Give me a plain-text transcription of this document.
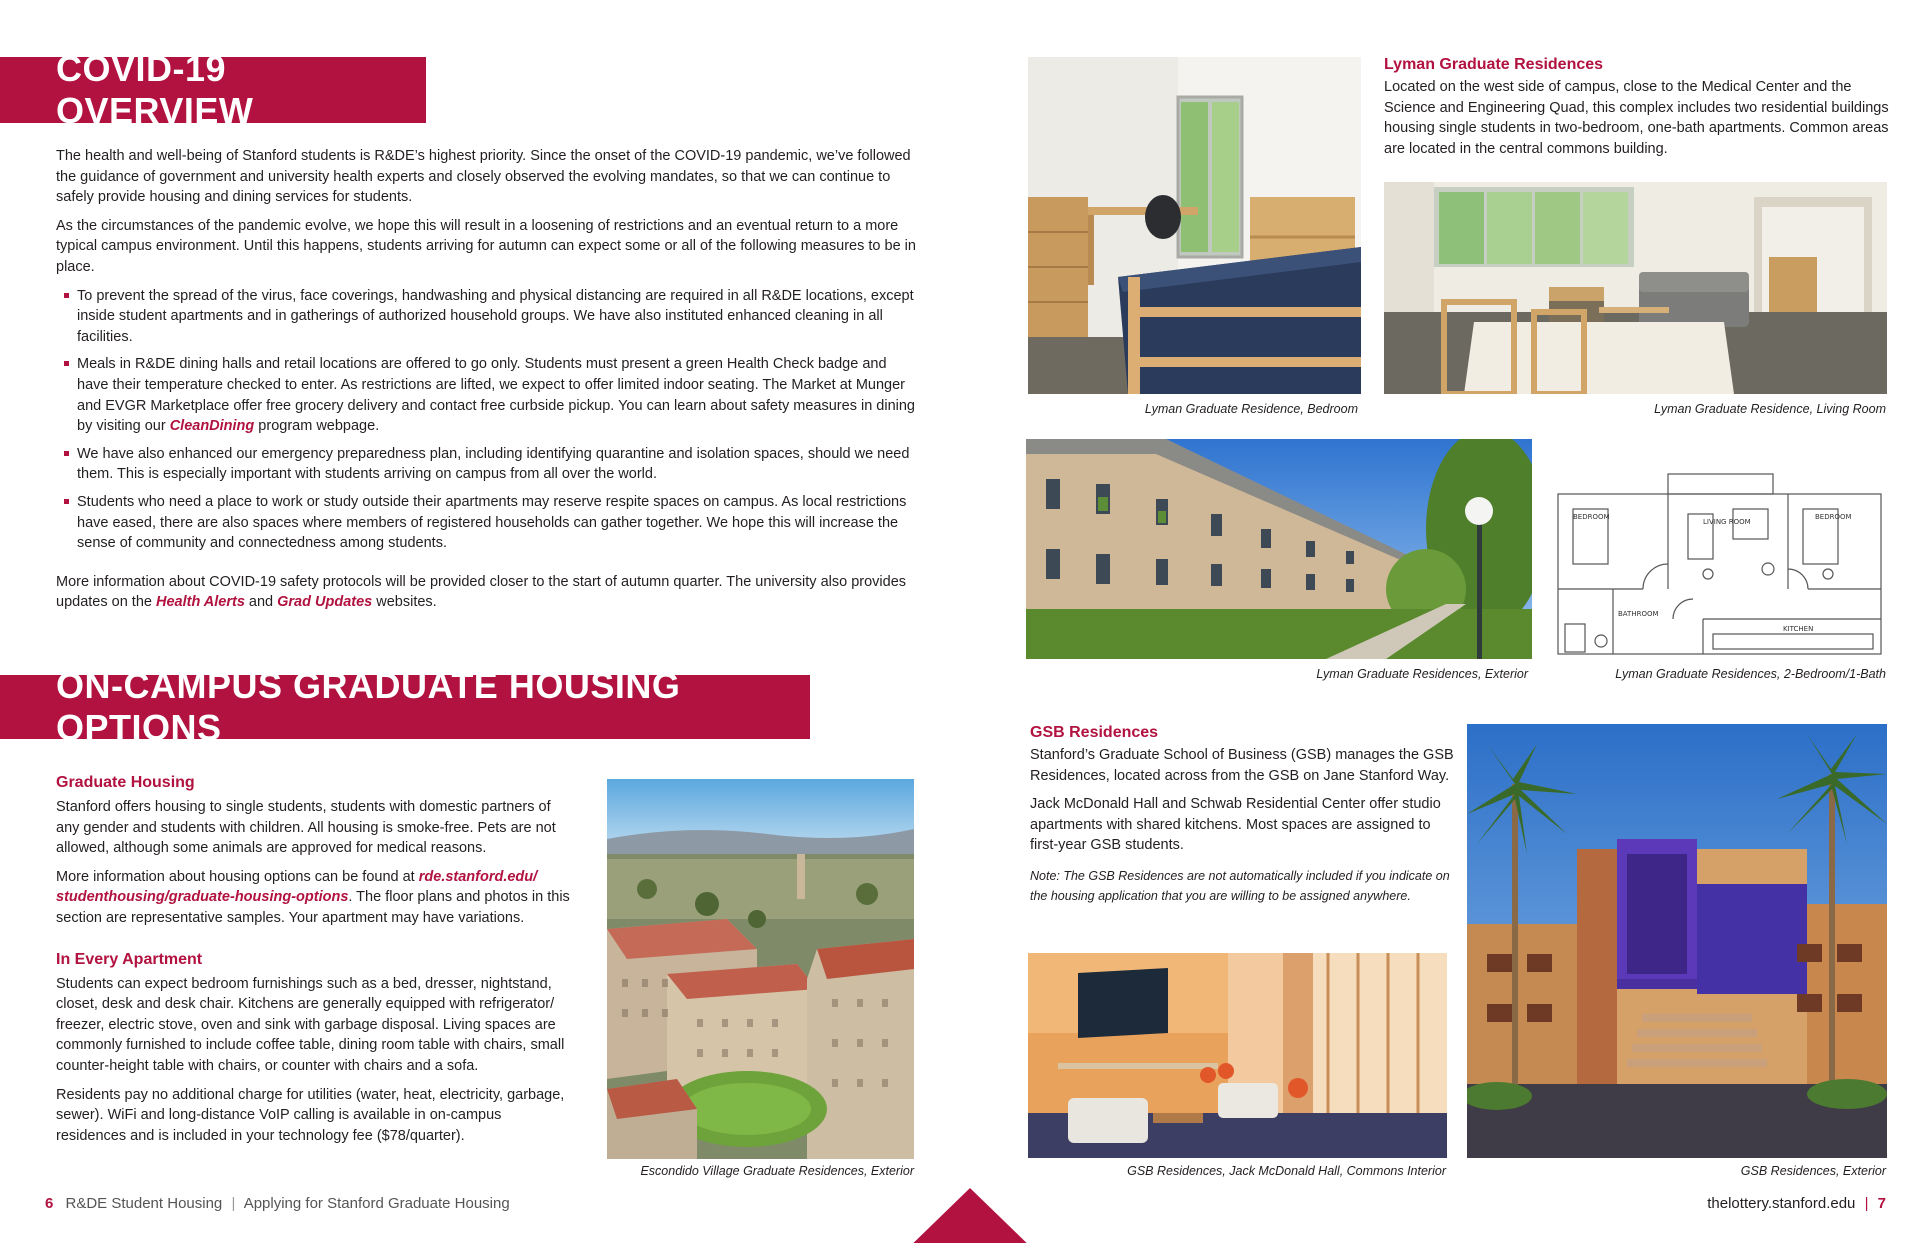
COVID-19 OVERVIEW

The health and well-being of Stanford students is R&DE’s highest priority. Since the onset of the COVID-19 pandemic, we’ve followed the guidance of government and university health experts and closely observed the evolving mandates, so that we can continue to safely provide housing and dining services for students.

As the circumstances of the pandemic evolve, we hope this will result in a loosening of restrictions and an eventual return to a more typical campus environment. Until this happens, students arriving for autumn can expect some or all of the following measures to be in place.

To prevent the spread of the virus, face coverings, handwashing and physical distancing are required in all R&DE locations, except inside student apartments and in gatherings of authorized household groups. We have also instituted enhanced cleaning in all facilities.
Meals in R&DE dining halls and retail locations are offered to go only. Students must present a green Health Check badge and have their temperature checked to enter. As restrictions are lifted, we expect to offer limited indoor seating. The Market at Munger and EVGR Marketplace offer free grocery delivery and contact free curbside pickup. You can learn about safety measures in dining by visiting our CleanDining program webpage.
We have also enhanced our emergency preparedness plan, including identifying quarantine and isolation spaces, should we need them. This is especially important with students arriving on campus from all over the world.
Students who need a place to work or study outside their apartments may reserve respite spaces on campus. As local restrictions have eased, there are also spaces where members of registered households can gather together. We hope this will increase the sense of community and connectedness among students.

More information about COVID-19 safety protocols will be provided closer to the start of autumn quarter. The university also provides updates on the Health Alerts and Grad Updates websites.

ON-CAMPUS GRADUATE HOUSING OPTIONS
Graduate Housing

Stanford offers housing to single students, students with domestic partners of any gender and students with children. All housing is smoke-free. Pets are not allowed, although some animals are approved for medical reasons.

More information about housing options can be found at rde.stanford.edu/ studenthousing/graduate-housing-options. The floor plans and photos in this section are representative samples. Your apartment may have variations.

In Every Apartment

Students can expect bedroom furnishings such as a bed, dresser, nightstand, closet, desk and desk chair. Kitchens are generally equipped with refrigerator/ freezer, electric stove, oven and sink with garbage disposal. Living spaces are commonly furnished to include coffee table, dining room table with chairs, small counter-height table with chairs, or counter with chairs and a sofa.

Residents pay no additional charge for utilities (water, heat, electricity, garbage, sewer). WiFi and long-distance VoIP calling is available in on-campus residences and is included in your technology fee ($78/quarter).

Escondido Village Graduate Residences, Exterior
6 R&DE Student Housing | Applying for Stanford Graduate Housing
Lyman Graduate Residence, Bedroom
Lyman Graduate Residences

Located on the west side of campus, close to the Medical Center and the Science and Engineering Quad, this complex includes two residential buildings housing single students in two-bedroom, one-bath apartments. Common areas are located in the central commons building.

Lyman Graduate Residence, Living Room
Lyman Graduate Residences, Exterior
BEDROOM
LIVING ROOM
BEDROOM
BATHROOM
KITCHEN
Lyman Graduate Residences, 2-Bedroom/1-Bath
GSB Residences

Stanford’s Graduate School of Business (GSB) manages the GSB Residences, located across from the GSB on Jane Stanford Way.

Jack McDonald Hall and Schwab Residential Center offer studio apartments with shared kitchens. Most spaces are assigned to first-year GSB students.

Note: The GSB Residences are not automatically included if you indicate on the housing application that you are willing to be assigned anywhere.

GSB Residences, Jack McDonald Hall, Commons Interior	GSB Residences, Exterior
thelottery.stanford.edu | 7
